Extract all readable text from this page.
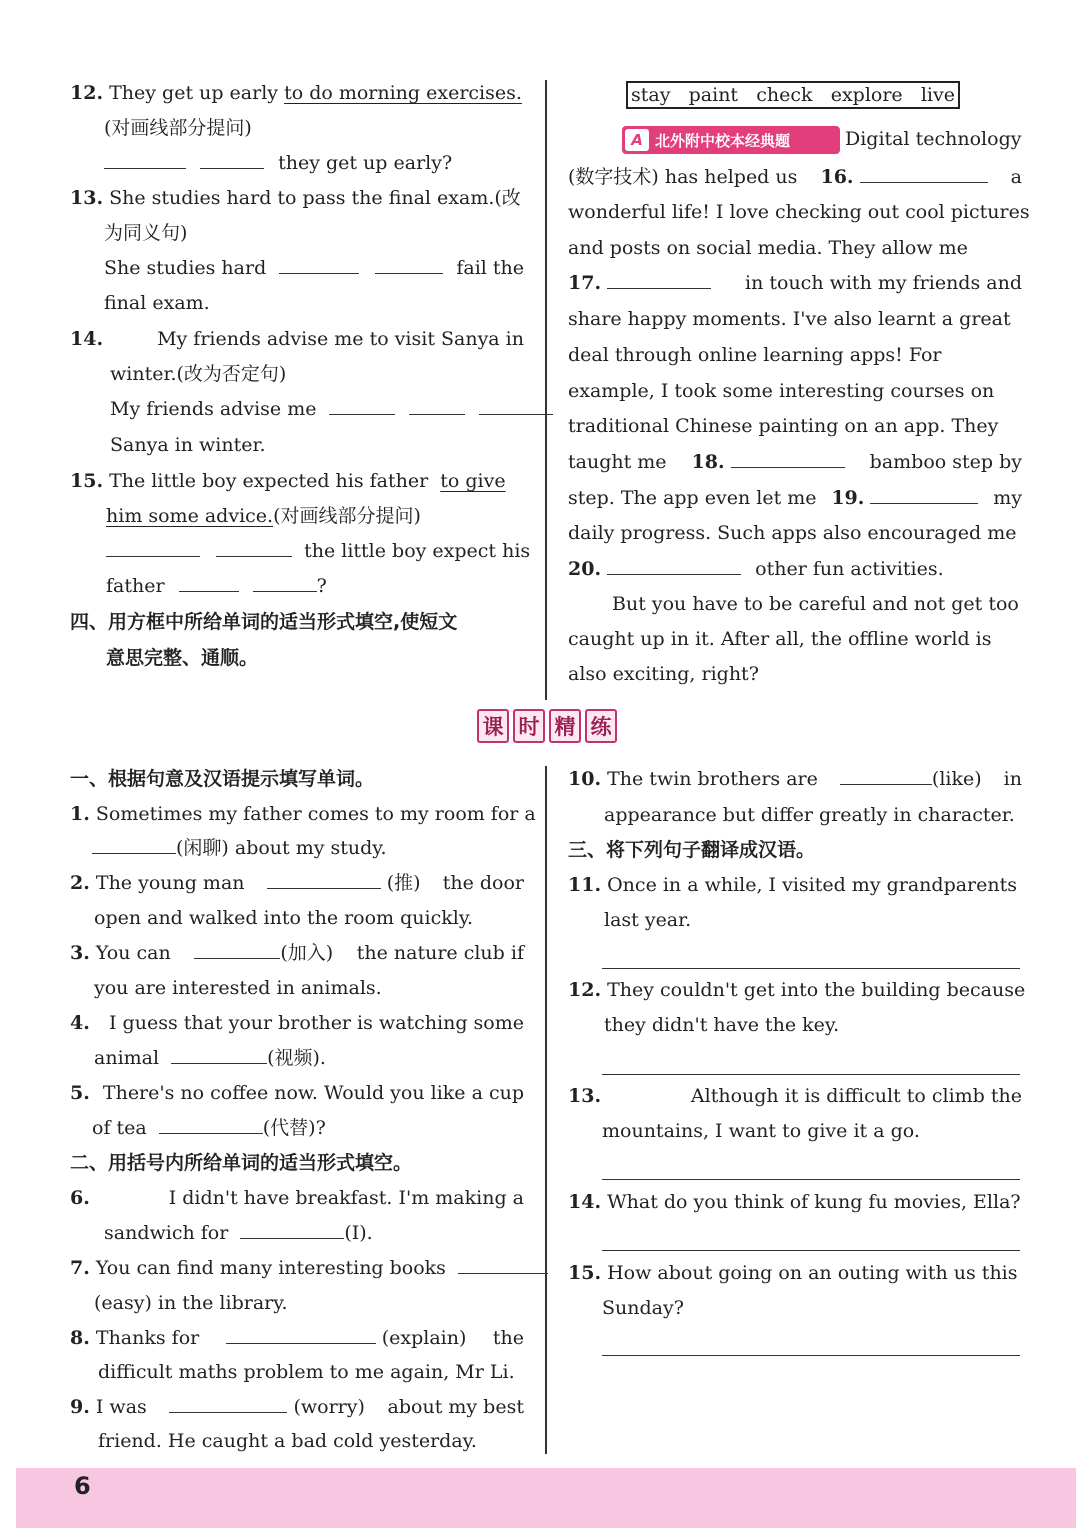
12. They get up early to do morning exercises.
(对画线部分提问)
they get up early?
13. She studies hard to pass the final exam.(改
为同义句)
She studies hard
	fail the
final exam.
14.	My friends advise me to visit Sanya in
winter.(改为否定句)
My friends advise me
Sanya in winter.
15. The little boy expected his father to give
him some advice.(对画线部分提问)
the little boy expect his
father	?
四、用方框中所给单词的适当形式填空,使短文
意思完整、通顺。
stay paint check explore live
A 北外附中校本经典题	Digital technology
(数字技术) has helped us 16.	a
wonderful life! I love checking out cool pictures
and posts on social media. They allow me
17.	in touch with my friends and
share happy moments. I've also learnt a great
deal through online learning apps! For
example, I took some interesting courses on
traditional Chinese painting on an app. They
taught me 18.	bamboo step by
step. The app even let me 19.	my
daily progress. Such apps also encouraged me
20.	other fun activities.
But you have to be careful and not get too
caught up in it. After all, the offline world is
also exciting, right?
课 时 精 练
一、根据句意及汉语提示填写单词。
1. Sometimes my father comes to my room for a
(闲聊) about my study.
2. The young man	(推) the door
open and walked into the room quickly.
3. You can	(加入) the nature club if
you are interested in animals.
4. I guess that your brother is watching some
animal	(视频).
5. There's no coffee now. Would you like a cup
of tea	(代替)?
二、用括号内所给单词的适当形式填空。
6.	I didn't have breakfast. I'm making a
sandwich for	(I).
7. You can find many interesting books
(easy) in the library.
8. Thanks for	(explain) the
difficult maths problem to me again, Mr Li.
9. I was	(worry) about my best
friend. He caught a bad cold yesterday.
10. The twin brothers are	(like) in
appearance but differ greatly in character.
三、将下列句子翻译成汉语。
11. Once in a while, I visited my grandparents
last year.
12. They couldn't get into the building because
they didn't have the key.
13.	Although it is difficult to climb the
mountains, I want to give it a go.
14. What do you think of kung fu movies, Ella?
15. How about going on an outing with us this
Sunday?
6
